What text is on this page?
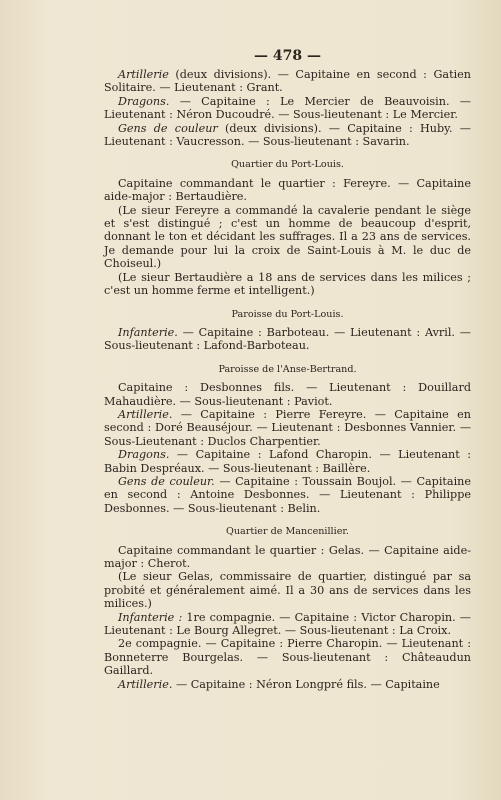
— 478 —

Artillerie (deux divisions). — Capitaine en second : Gatien Solitaire. — Lieutenant : Grant.

Dragons. — Capitaine : Le Mercier de Beauvoisin. — Lieutenant : Néron Ducoudré. — Sous-lieutenant : Le Mercier.

Gens de couleur (deux divisions). — Capitaine : Huby. — Lieutenant : Vaucresson. — Sous-lieutenant : Savarin.

Quartier du Port-Louis.

Capitaine commandant le quartier : Fereyre. — Capitaine aide-major : Bertaudière.

(Le sieur Fereyre a commandé la cavalerie pendant le siège et s'est distingué ; c'est un homme de beaucoup d'esprit, donnant le ton et décidant les suffrages. Il a 23 ans de services. Je demande pour lui la croix de Saint-Louis à M. le duc de Choiseul.)

(Le sieur Bertaudière a 18 ans de services dans les milices ; c'est un homme ferme et intelligent.)

Paroisse du Port-Louis.

Infanterie. — Capitaine : Barboteau. — Lieutenant : Avril. — Sous-lieutenant : Lafond-Barboteau.

Paroisse de l'Anse-Bertrand.

Capitaine : Desbonnes fils. — Lieutenant : Douillard Mahaudière. — Sous-lieutenant : Paviot.

Artillerie. — Capitaine : Pierre Fereyre. — Capitaine en second : Doré Beauséjour. — Lieutenant : Desbonnes Vannier. — Sous-Lieutenant : Duclos Charpentier.

Dragons. — Capitaine : Lafond Charopin. — Lieutenant : Babin Despréaux. — Sous-lieutenant : Baillère.

Gens de couleur. — Capitaine : Toussain Boujol. — Capitaine en second : Antoine Desbonnes. — Lieutenant : Philippe Desbonnes. — Sous-lieutenant : Belin.

Quartier de Mancenillier.

Capitaine commandant le quartier : Gelas. — Capitaine aide-major : Cherot.

(Le sieur Gelas, commissaire de quartier, distingué par sa probité et généralement aimé. Il a 30 ans de services dans les milices.)

Infanterie : 1re compagnie. — Capitaine : Victor Charopin. — Lieutenant : Le Bourg Allegret. — Sous-lieutenant : La Croix.

2e compagnie. — Capitaine : Pierre Charopin. — Lieutenant : Bonneterre Bourgelas. — Sous-lieutenant : Châteaudun Gaillard.

Artillerie. — Capitaine : Néron Longpré fils. — Capitaine
